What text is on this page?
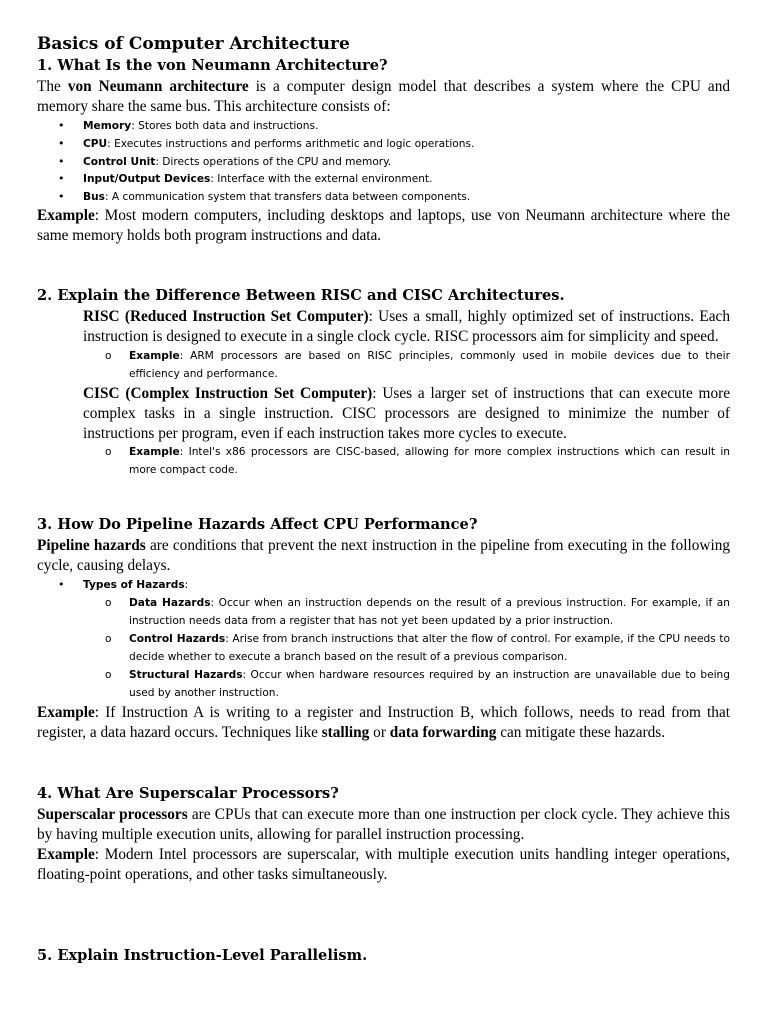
Basics of Computer Architecture
1. What Is the von Neumann Architecture?

The von Neumann architecture is a computer design model that describes a system where the CPU and memory share the same bus. This architecture consists of:

• Memory: Stores both data and instructions.
• CPU: Executes instructions and performs arithmetic and logic operations.
• Control Unit: Directs operations of the CPU and memory.
• Input/Output Devices: Interface with the external environment.
• Bus: A communication system that transfers data between components.

Example: Most modern computers, including desktops and laptops, use von Neumann architecture where the same memory holds both program instructions and data.

2. Explain the Difference Between RISC and CISC Architectures.

RISC (Reduced Instruction Set Computer): Uses a small, highly optimized set of instructions. Each instruction is designed to execute in a single clock cycle. RISC processors aim for simplicity and speed.

o Example: ARM processors are based on RISC principles, commonly used in mobile devices due to their efficiency and performance.

CISC (Complex Instruction Set Computer): Uses a larger set of instructions that can execute more complex tasks in a single instruction. CISC processors are designed to minimize the number of instructions per program, even if each instruction takes more cycles to execute.

o Example: Intel's x86 processors are CISC-based, allowing for more complex instructions which can result in more compact code.
3. How Do Pipeline Hazards Affect CPU Performance?

Pipeline hazards are conditions that prevent the next instruction in the pipeline from executing in the following cycle, causing delays.

• Types of Hazards:
o Data Hazards: Occur when an instruction depends on the result of a previous instruction. For example, if an instruction needs data from a register that has not yet been updated by a prior instruction.
o Control Hazards: Arise from branch instructions that alter the flow of control. For example, if the CPU needs to decide whether to execute a branch based on the result of a previous comparison.
o Structural Hazards: Occur when hardware resources required by an instruction are unavailable due to being used by another instruction.

Example: If Instruction A is writing to a register and Instruction B, which follows, needs to read from that register, a data hazard occurs. Techniques like stalling or data forwarding can mitigate these hazards.

4. What Are Superscalar Processors?

Superscalar processors are CPUs that can execute more than one instruction per clock cycle. They achieve this by having multiple execution units, allowing for parallel instruction processing.

Example: Modern Intel processors are superscalar, with multiple execution units handling integer operations, floating-point operations, and other tasks simultaneously.

5. Explain Instruction-Level Parallelism.
